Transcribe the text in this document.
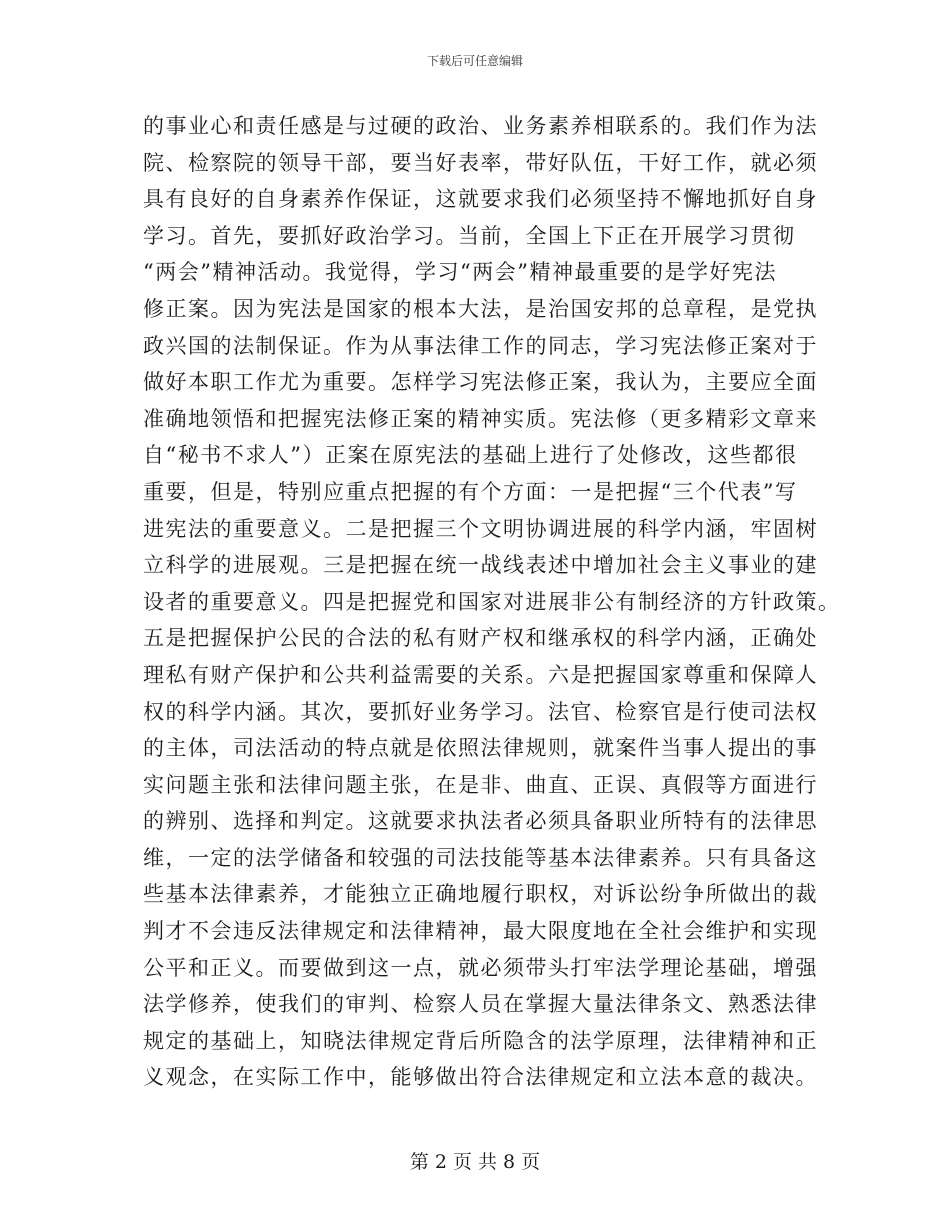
下载后可任意编辑
的事业心和责任感是与过硬的政治、业务素养相联系的。我们作为法
院、检察院的领导干部，要当好表率，带好队伍，干好工作，就必须
具有良好的自身素养作保证，这就要求我们必须坚持不懈地抓好自身
学习。首先，要抓好政治学习。当前，全国上下正在开展学习贯彻
“两会”精神活动。我觉得，学习“两会”精神最重要的是学好宪法
修正案。因为宪法是国家的根本大法，是治国安邦的总章程，是党执
政兴国的法制保证。作为从事法律工作的同志，学习宪法修正案对于
做好本职工作尤为重要。怎样学习宪法修正案，我认为，主要应全面
准确地领悟和把握宪法修正案的精神实质。宪法修（更多精彩文章来
自“秘书不求人”）正案在原宪法的基础上进行了处修改，这些都很
重要，但是，特别应重点把握的有个方面：一是把握“三个代表”写
进宪法的重要意义。二是把握三个文明协调进展的科学内涵，牢固树
立科学的进展观。三是把握在统一战线表述中增加社会主义事业的建
设者的重要意义。四是把握党和国家对进展非公有制经济的方针政策。
五是把握保护公民的合法的私有财产权和继承权的科学内涵，正确处
理私有财产保护和公共利益需要的关系。六是把握国家尊重和保障人
权的科学内涵。其次，要抓好业务学习。法官、检察官是行使司法权
的主体，司法活动的特点就是依照法律规则，就案件当事人提出的事
实问题主张和法律问题主张，在是非、曲直、正误、真假等方面进行
的辨别、选择和判定。这就要求执法者必须具备职业所特有的法律思
维，一定的法学储备和较强的司法技能等基本法律素养。只有具备这
些基本法律素养，才能独立正确地履行职权，对诉讼纷争所做出的裁
判才不会违反法律规定和法律精神，最大限度地在全社会维护和实现
公平和正义。而要做到这一点，就必须带头打牢法学理论基础，增强
法学修养，使我们的审判、检察人员在掌握大量法律条文、熟悉法律
规定的基础上，知晓法律规定背后所隐含的法学原理，法律精神和正
义观念，在实际工作中，能够做出符合法律规定和立法本意的裁决。
第 2 页 共 8 页
